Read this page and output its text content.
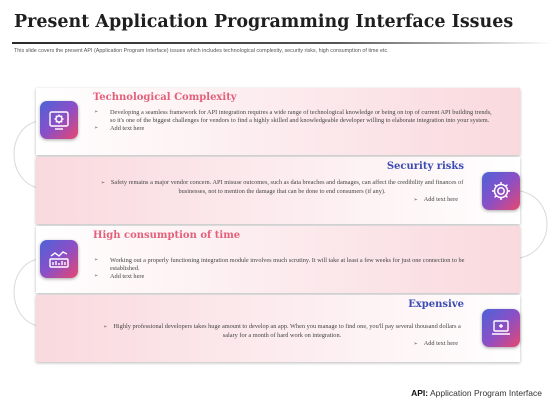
Present Application Programming Interface Issues
This slide covers the present API (Application Program Interface) issues which includes technological complexity, security risks, high consumption of time etc.
Technological Complexity
➢ Developing a seamless framework for API integration requires a wide range of technological knowledge or being on top of current API building trends, so it's one of the biggest challenges for vendors to find a highly skilled and knowledgeable developer willing to elaborate integration into your system.
➢ Add text here
Security risks
➢ Safety remains a major vendor concern. API misuse outcomes, such as data breaches and damages, can affect the credibility and finances of businesses, not to mention the damage that can be done to end consumers (if any).
➢ Add text here
High consumption of time
➢ Working out a properly functioning integration module involves much scrutiny. It will take at least a few weeks for just one connection to be established.
➢ Add text here
Expensive
➢ Highly professional developers takes huge amount to develop an app. When you manage to find one, you'll pay several thousand dollars a salary for a month of hard work on integration.
➢ Add text here
API: Application Program Interface
